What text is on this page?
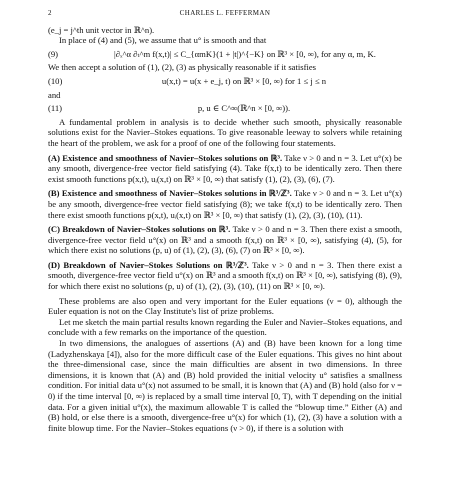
2	CHARLES L. FEFFERMAN

(e_j = j^th unit vector in ℝ^n).

In place of (4) and (5), we assume that u° is smooth and that

(9)	|∂ₓ^α ∂ₜ^m f(x,t)| ≤ C_{αmK}(1 + |t|)^{−K} on ℝ³ × [0, ∞), for any α, m, K.

We then accept a solution of (1), (2), (3) as physically reasonable if it satisfies

(10)	u(x,t) = u(x + e_j, t) on ℝ³ × [0, ∞) for 1 ≤ j ≤ n

and

(11)	p, u ∈ C^∞(ℝ^n × [0, ∞)).

A fundamental problem in analysis is to decide whether such smooth, physically reasonable solutions exist for the Navier–Stokes equations. To give reasonable leeway to solvers while retaining the heart of the problem, we ask for a proof of one of the following four statements.

(A) Existence and smoothness of Navier–Stokes solutions on ℝ³. Take ν > 0 and n = 3. Let u°(x) be any smooth, divergence-free vector field satisfying (4). Take f(x,t) to be identically zero. Then there exist smooth functions p(x,t), uᵢ(x,t) on ℝ³ × [0, ∞) that satisfy (1), (2), (3), (6), (7).

(B) Existence and smoothness of Navier–Stokes solutions in ℝ³/ℤ³. Take ν > 0 and n = 3. Let u°(x) be any smooth, divergence-free vector field satisfying (8); we take f(x,t) to be identically zero. Then there exist smooth functions p(x,t), uᵢ(x,t) on ℝ³ × [0, ∞) that satisfy (1), (2), (3), (10), (11).

(C) Breakdown of Navier–Stokes solutions on ℝ³. Take ν > 0 and n = 3. Then there exist a smooth, divergence-free vector field u°(x) on ℝ³ and a smooth f(x,t) on ℝ³ × [0, ∞), satisfying (4), (5), for which there exist no solutions (p, u) of (1), (2), (3), (6), (7) on ℝ³ × [0, ∞).

(D) Breakdown of Navier–Stokes Solutions on ℝ³/ℤ³. Take ν > 0 and n = 3. Then there exist a smooth, divergence-free vector field u°(x) on ℝ³ and a smooth f(x,t) on ℝ³ × [0, ∞), satisfying (8), (9), for which there exist no solutions (p, u) of (1), (2), (3), (10), (11) on ℝ³ × [0, ∞).

These problems are also open and very important for the Euler equations (ν = 0), although the Euler equation is not on the Clay Institute's list of prize problems.

Let me sketch the main partial results known regarding the Euler and Navier–Stokes equations, and conclude with a few remarks on the importance of the question.

In two dimensions, the analogues of assertions (A) and (B) have been known for a long time (Ladyzhenskaya [4]), also for the more difficult case of the Euler equations. This gives no hint about the three-dimensional case, since the main difficulties are absent in two dimensions. In three dimensions, it is known that (A) and (B) hold provided the initial velocity u° satisfies a smallness condition. For initial data u°(x) not assumed to be small, it is known that (A) and (B) hold (also for ν = 0) if the time interval [0, ∞) is replaced by a small time interval [0, T), with T depending on the initial data. For a given initial u°(x), the maximum allowable T is called the “blowup time.” Either (A) and (B) hold, or else there is a smooth, divergence-free u°(x) for which (1), (2), (3) have a solution with a finite blowup time. For the Navier–Stokes equations (ν > 0), if there is a solution with
